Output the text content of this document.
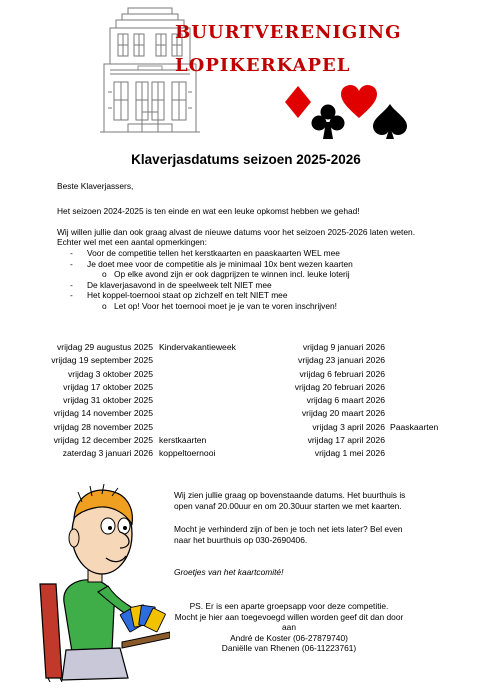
BUURTVERENIGING
LOPIKERKAPEL
Klaverjasdatums seizoen 2025-2026
Beste Klaverjassers,
Het seizoen 2024-2025 is ten einde en wat een leuke opkomst hebben we gehad!
Wij willen jullie dan ook graag alvast de nieuwe datums voor het seizoen 2025-2026 laten weten.
Echter wel met een aantal opmerkingen:
- Voor de competitie tellen het kerstkaarten en paaskaarten WEL mee
- Je doet mee voor de competitie als je minimaal 10x bent wezen kaarten
o Op elke avond zijn er ook dagprijzen te winnen incl. leuke loterij
- De klaverjasavond in de speelweek telt NIET mee
- Het koppel-toernooi staat op zichzelf en telt NIET mee
o Let op! Voor het toernooi moet je je van te voren inschrijven!
vrijdag 29 augustus 2025
vrijdag 19 september 2025
vrijdag 3 oktober 2025
vrijdag 17 oktober 2025
vrijdag 31 oktober 2025
vrijdag 14 november 2025
vrijdag 28 november 2025
vrijdag 12 december 2025
zaterdag 3 januari 2026
Kindervakantieweek
kerstkaarten
koppeltoernooi
vrijdag 9 januari 2026
vrijdag 23 januari 2026
vrijdag 6 februari 2026
vrijdag 20 februari 2026
vrijdag 6 maart 2026
vrijdag 20 maart 2026
vrijdag 3 april 2026
vrijdag 17 april 2026
vrijdag 1 mei 2026
Paaskaarten
Wij zien jullie graag op bovenstaande datums. Het buurthuis is
open vanaf 20.00uur en om 20.30uur starten we met kaarten.
Mocht je verhinderd zijn of ben je toch net iets later? Bel even
naar het buurthuis op 030-2690406.
Groetjes van het kaartcomité!
PS. Er is een aparte groepsapp voor deze competitie.
Mocht je hier aan toegevoegd willen worden geef dit dan door
aan
André de Koster (06-27879740)
Daniëlle van Rhenen (06-11223761)
